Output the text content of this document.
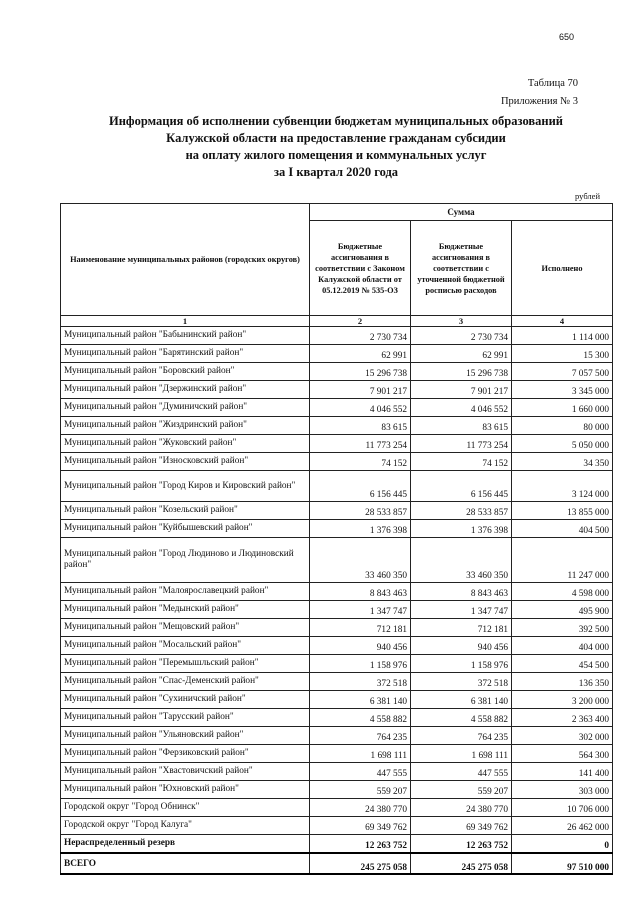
650
Таблица 70
Приложения № 3
Информация об исполнении субвенции бюджетам муниципальных образований
Калужской области на предоставление гражданам субсидии
на оплату жилого помещения и коммунальных услуг
за I квартал 2020 года
рублей
Наименование муниципальных районов (городских округов)	Сумма		
	Бюджетные ассигнования в соответствии с Законом Калужской области от 05.12.2019 № 535-ОЗ	Бюджетные ассигнования в соответствии с уточненной бюджетной росписью расходов	Исполнено
1	2	3	4
Муниципальный район "Бабынинский район"	2 730 734	2 730 734	1 114 000
Муниципальный район "Барятинский район"	62 991	62 991	15 300
Муниципальный район "Боровский район"	15 296 738	15 296 738	7 057 500
Муниципальный район "Дзержинский район"	7 901 217	7 901 217	3 345 000
Муниципальный район "Думиничский район"	4 046 552	4 046 552	1 660 000
Муниципальный район "Жиздринский район"	83 615	83 615	80 000
Муниципальный район "Жуковский район"	11 773 254	11 773 254	5 050 000
Муниципальный район "Износковский район"	74 152	74 152	34 350
Муниципальный район "Город Киров и Кировский район"	6 156 445	6 156 445	3 124 000
Муниципальный район "Козельский район"	28 533 857	28 533 857	13 855 000
Муниципальный район "Куйбышевский район"	1 376 398	1 376 398	404 500
Муниципальный район "Город Людиново и Людиновский район"	33 460 350	33 460 350	11 247 000
Муниципальный район "Малоярославецкий район"	8 843 463	8 843 463	4 598 000
Муниципальный район "Медынский район"	1 347 747	1 347 747	495 900
Муниципальный район "Мещовский район"	712 181	712 181	392 500
Муниципальный район "Мосальский район"	940 456	940 456	404 000
Муниципальный район "Перемышльский район"	1 158 976	1 158 976	454 500
Муниципальный район "Спас-Деменский район"	372 518	372 518	136 350
Муниципальный район "Сухиничский район"	6 381 140	6 381 140	3 200 000
Муниципальный район "Тарусский район"	4 558 882	4 558 882	2 363 400
Муниципальный район "Ульяновский район"	764 235	764 235	302 000
Муниципальный район "Ферзиковский район"	1 698 111	1 698 111	564 300
Муниципальный район "Хвастовичский район"	447 555	447 555	141 400
Муниципальный район "Юхновский район"	559 207	559 207	303 000
Городской округ "Город Обнинск"	24 380 770	24 380 770	10 706 000
Городской округ "Город Калуга"	69 349 762	69 349 762	26 462 000
Нераспределенный резерв	12 263 752	12 263 752	0
ВСЕГО	245 275 058	245 275 058	97 510 000
